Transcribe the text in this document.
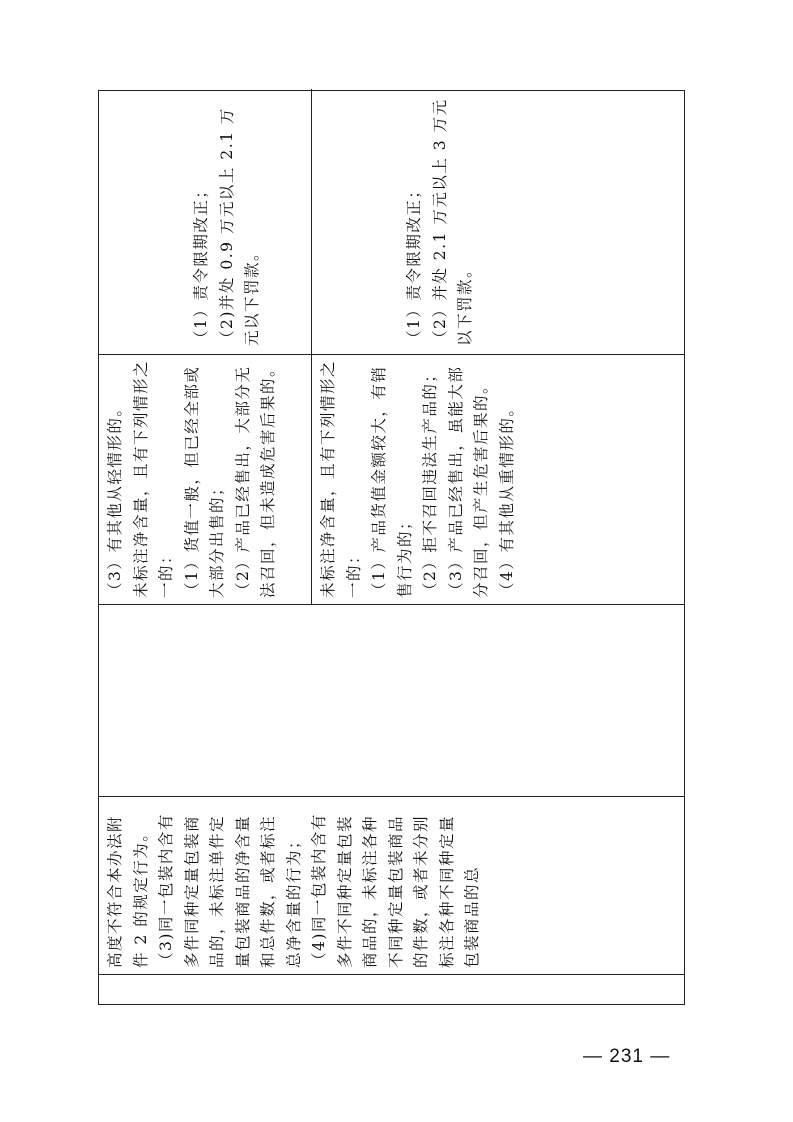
高度不符合本办法附件 2 的规定行为。
（3)同一包装内含有多件同种定量包装商品的，未标注单件定量包装商品的净含量和总件数，或者标注总净含量的行为；
（4)同一包装内含有多件不同种定量包装商品的，未标注各种不同种定量包装商品的件数，或者未分别标注各种不同种定量包装商品的总
（3）有其他从轻情形的。
未标注净含量，且有下列情形之一的：
（1）货值一般，但已经全部或大部分出售的；
（2）产品已经售出，大部分无法召回，但未造成危害后果的。	未标注净含量，且有下列情形之一的：
（1）产品货值金额较大，有销售行为的；
（2）拒不召回违法生产品的；
（3）产品已经售出，虽能大部分召回，但产生危害后果的。
（4）有其他从重情形的。
（1）责令限期改正；
（2)并处 0.9 万元以上 2.1 万元以下罚款。	（1）责令限期改正；
（2）并处 2.1 万元以上 3 万元以下罚款。
— 231 —
